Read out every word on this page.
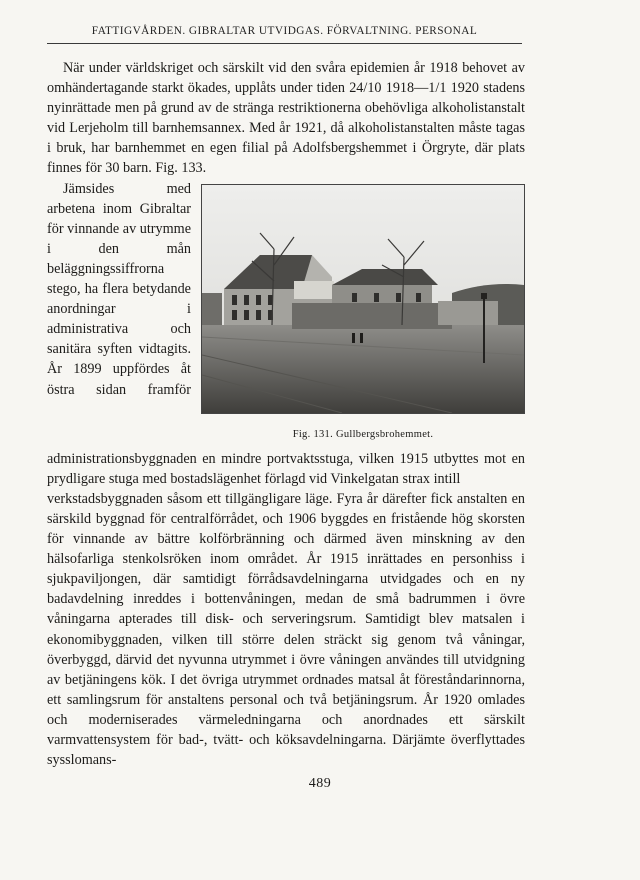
FATTIGVÅRDEN. GIBRALTAR UTVIDGAS. FÖRVALTNING. PERSONAL

När under världskriget och särskilt vid den svåra epidemien år 1918 behovet av omhändertagande starkt ökades, upplåts under tiden 24/10 1918—1/1 1920 stadens nyinrättade men på grund av de stränga restriktionerna obehövliga alkoholistanstalt vid Lerjeholm till barnhemsannex. Med år 1921, då alkoholistanstalten måste tagas i bruk, har barnhemmet en egen filial på Adolfsbergshemmet i Örgryte, där plats finnes för 30 barn. Fig. 133.

Fig. 131. Gullbergsbrohemmet.

Jämsides med arbetena inom Gibraltar för vinnande av utrymme i den mån beläggningssiffrorna stego, ha flera betydande anordningar i administrativa och sanitära syften vidtagits. År 1899 uppfördes åt östra sidan framför administrationsbyggnaden en mindre portvaktsstuga, vilken 1915 utbyttes mot en prydligare stuga med bostadslägenhet förlagd vid Vinkelgatan strax intill

verkstadsbyggnaden såsom ett tillgängligare läge. Fyra år därefter fick anstalten en särskild byggnad för centralförrådet, och 1906 byggdes en fristående hög skorsten för vinnande av bättre kolförbränning och därmed även minskning av den hälsofarliga stenkolsröken inom området. År 1915 inrättades en personhiss i sjukpaviljongen, där samtidigt förrådsavdelningarna utvidgades och en ny badavdelning inreddes i bottenvåningen, medan de små badrummen i övre våningarna apterades till disk- och serveringsrum. Samtidigt blev matsalen i ekonomibyggnaden, vilken till större delen sträckt sig genom två våningar, överbyggd, därvid det nyvunna utrymmet i övre våningen användes till utvidgning av betjäningens kök. I det övriga utrymmet ordnades matsal åt föreståndarinnorna, ett samlingsrum för anstaltens personal och två betjäningsrum. År 1920 omlades och moderniserades värmeledningarna och anordnades ett särskilt varmvattensystem för bad-, tvätt- och köksavdelningarna. Därjämte överflyttades sysslomans-

489
